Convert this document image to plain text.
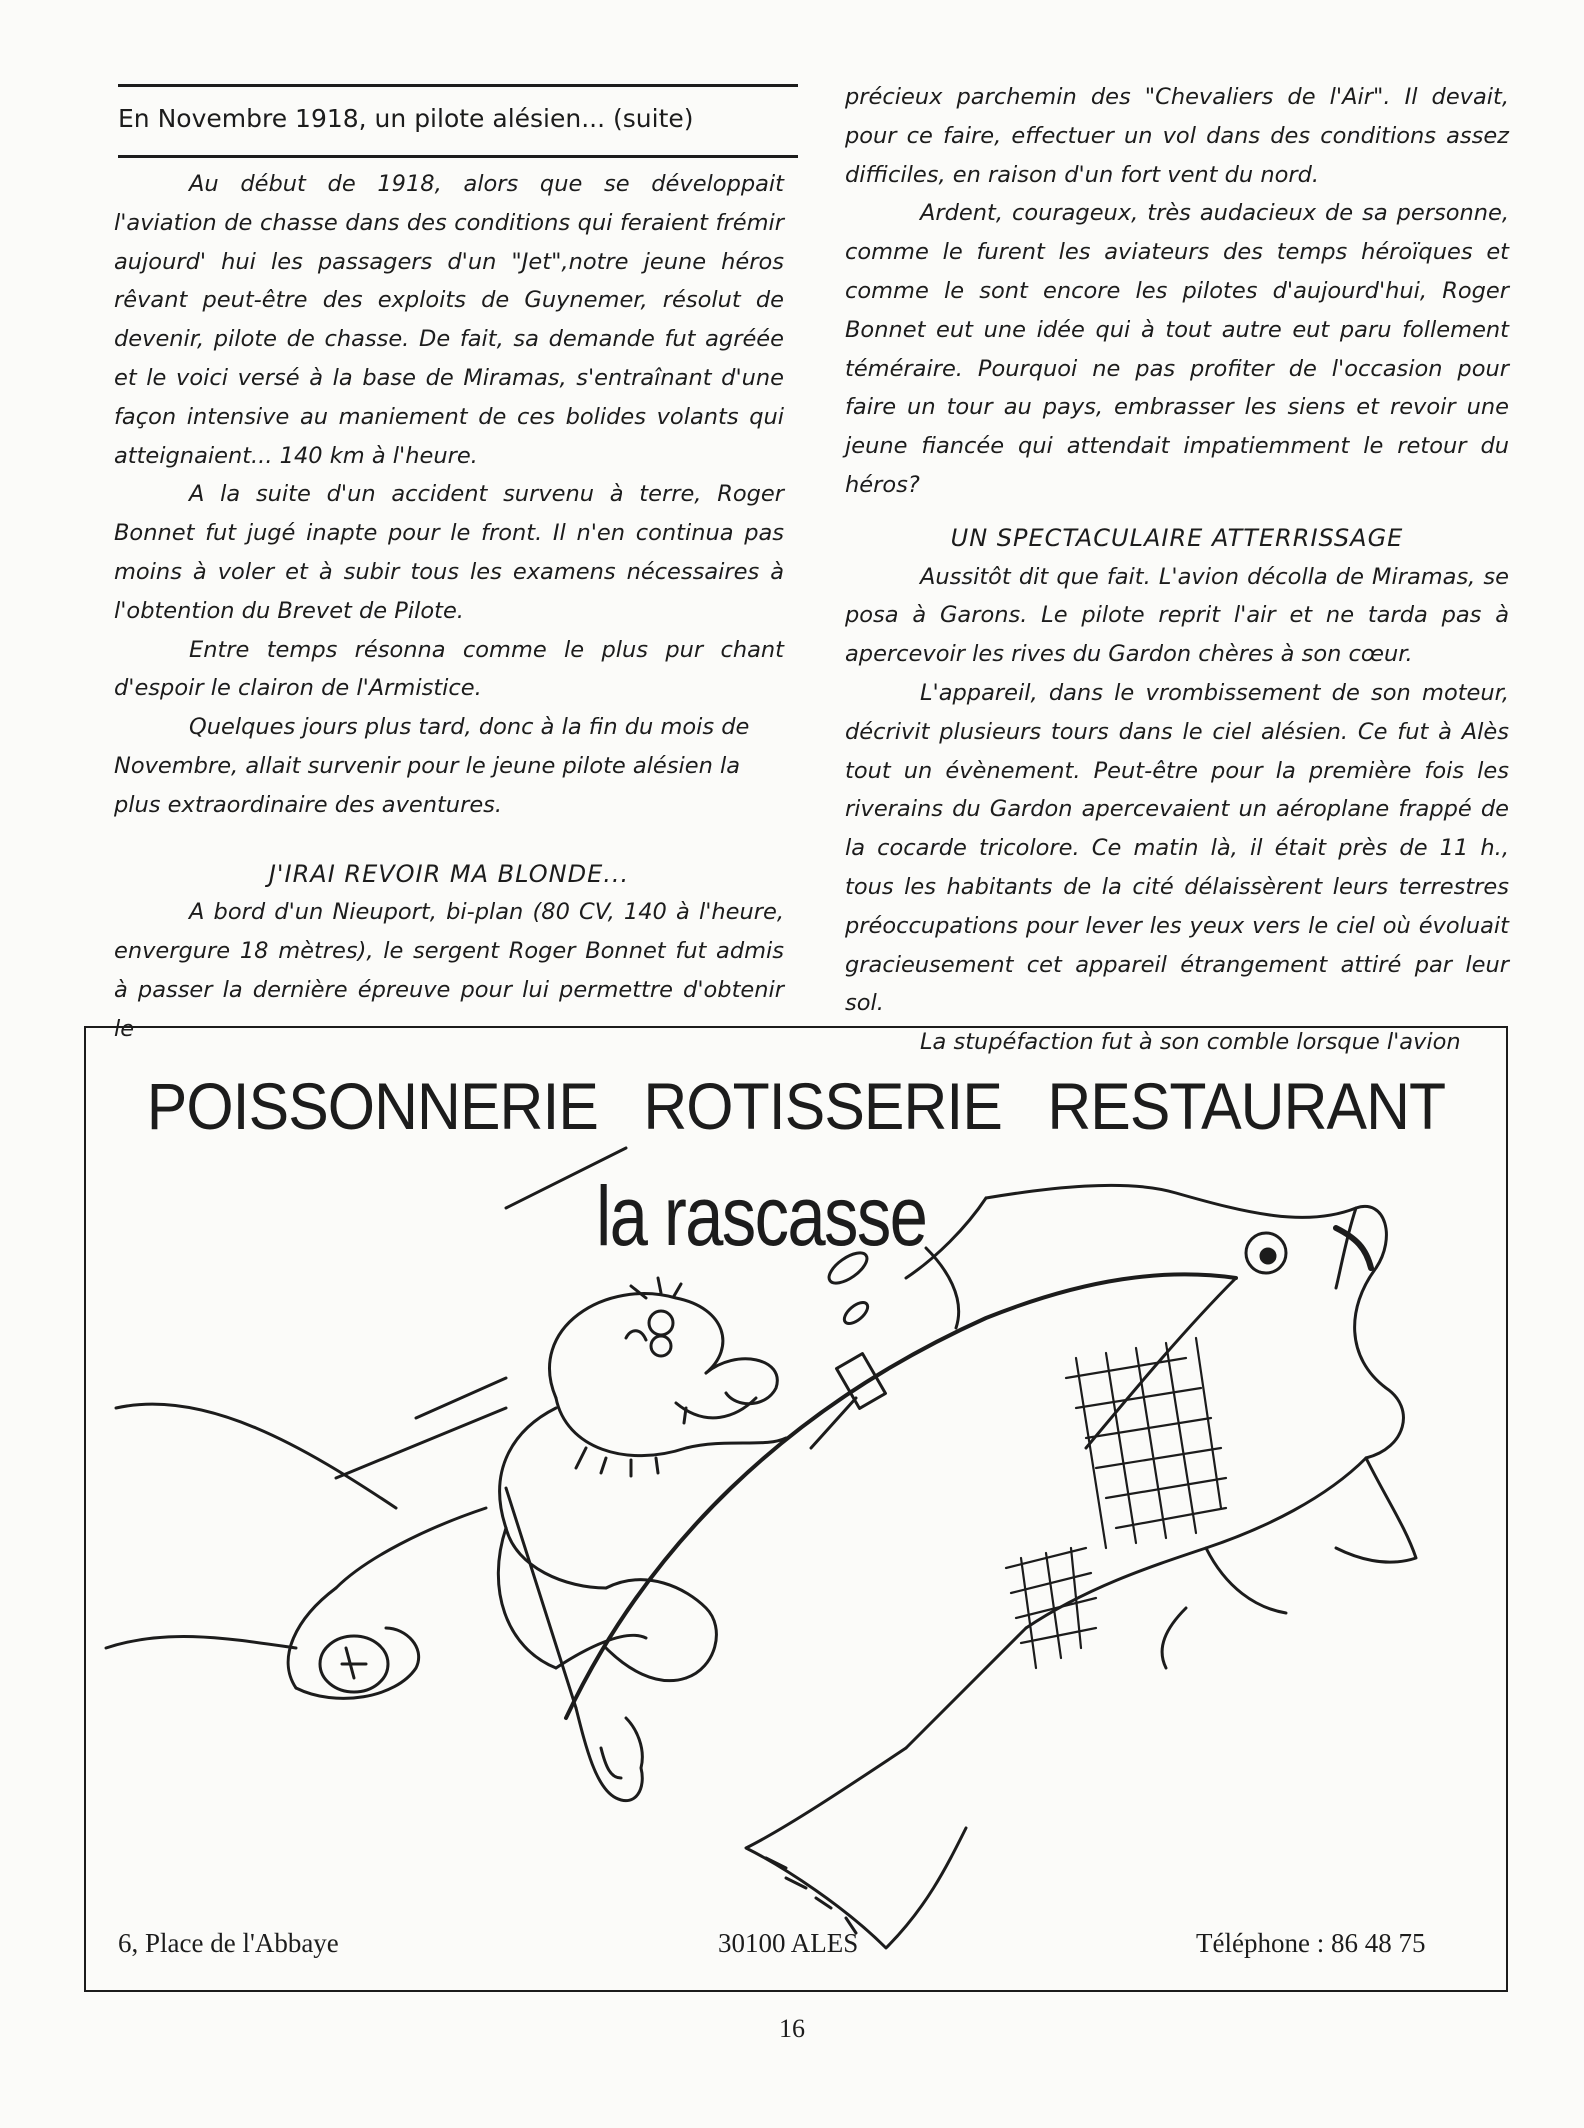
En Novembre 1918, un pilote alésien... (suite)

Au début de 1918, alors que se développait l'aviation de chasse dans des conditions qui feraient frémir aujourd' hui les passagers d'un "Jet",notre jeune héros rêvant peut-être des exploits de Guynemer, résolut de devenir, pilote de chasse. De fait, sa demande fut agréée et le voici versé à la base de Miramas, s'entraînant d'une façon intensive au maniement de ces bolides volants qui atteignaient... 140 km à l'heure.

A la suite d'un accident survenu à terre, Roger Bonnet fut jugé inapte pour le front. Il n'en continua pas moins à voler et à subir tous les examens nécessaires à l'obtention du Brevet de Pilote.

Entre temps résonna comme le plus pur chant d'espoir le clairon de l'Armistice.

Quelques jours plus tard, donc à la fin du mois de Novembre, allait survenir pour le jeune pilote alésien la plus extraordinaire des aventures.

J'IRAI REVOIR MA BLONDE...

A bord d'un Nieuport, bi-plan (80 CV, 140 à l'heure, envergure 18 mètres), le sergent Roger Bonnet fut admis à passer la dernière épreuve pour lui permettre d'obtenir le

précieux parchemin des "Chevaliers de l'Air". Il devait, pour ce faire, effectuer un vol dans des conditions assez difficiles, en raison d'un fort vent du nord.

Ardent, courageux, très audacieux de sa personne, comme le furent les aviateurs des temps héroïques et comme le sont encore les pilotes d'aujourd'hui, Roger Bonnet eut une idée qui à tout autre eut paru follement téméraire. Pourquoi ne pas profiter de l'occasion pour faire un tour au pays, embrasser les siens et revoir une jeune fiancée qui attendait impatiemment le retour du héros?

UN SPECTACULAIRE ATTERRISSAGE

Aussitôt dit que fait. L'avion décolla de Miramas, se posa à Garons. Le pilote reprit l'air et ne tarda pas à apercevoir les rives du Gardon chères à son cœur.

L'appareil, dans le vrombissement de son moteur, décrivit plusieurs tours dans le ciel alésien. Ce fut à Alès tout un évènement. Peut-être pour la première fois les riverains du Gardon apercevaient un aéroplane frappé de la cocarde tricolore. Ce matin là, il était près de 11 h., tous les habitants de la cité délaissèrent leurs terrestres préoccupations pour lever les yeux vers le ciel où évoluait gracieusement cet appareil étrangement attiré par leur sol.

La stupéfaction fut à son comble lorsque l'avion

POISSONNERIE ROTISSERIE RESTAURANT
la rascasse
6, Place de l'Abbaye	30100 ALES	Téléphone : 86 48 75
16
